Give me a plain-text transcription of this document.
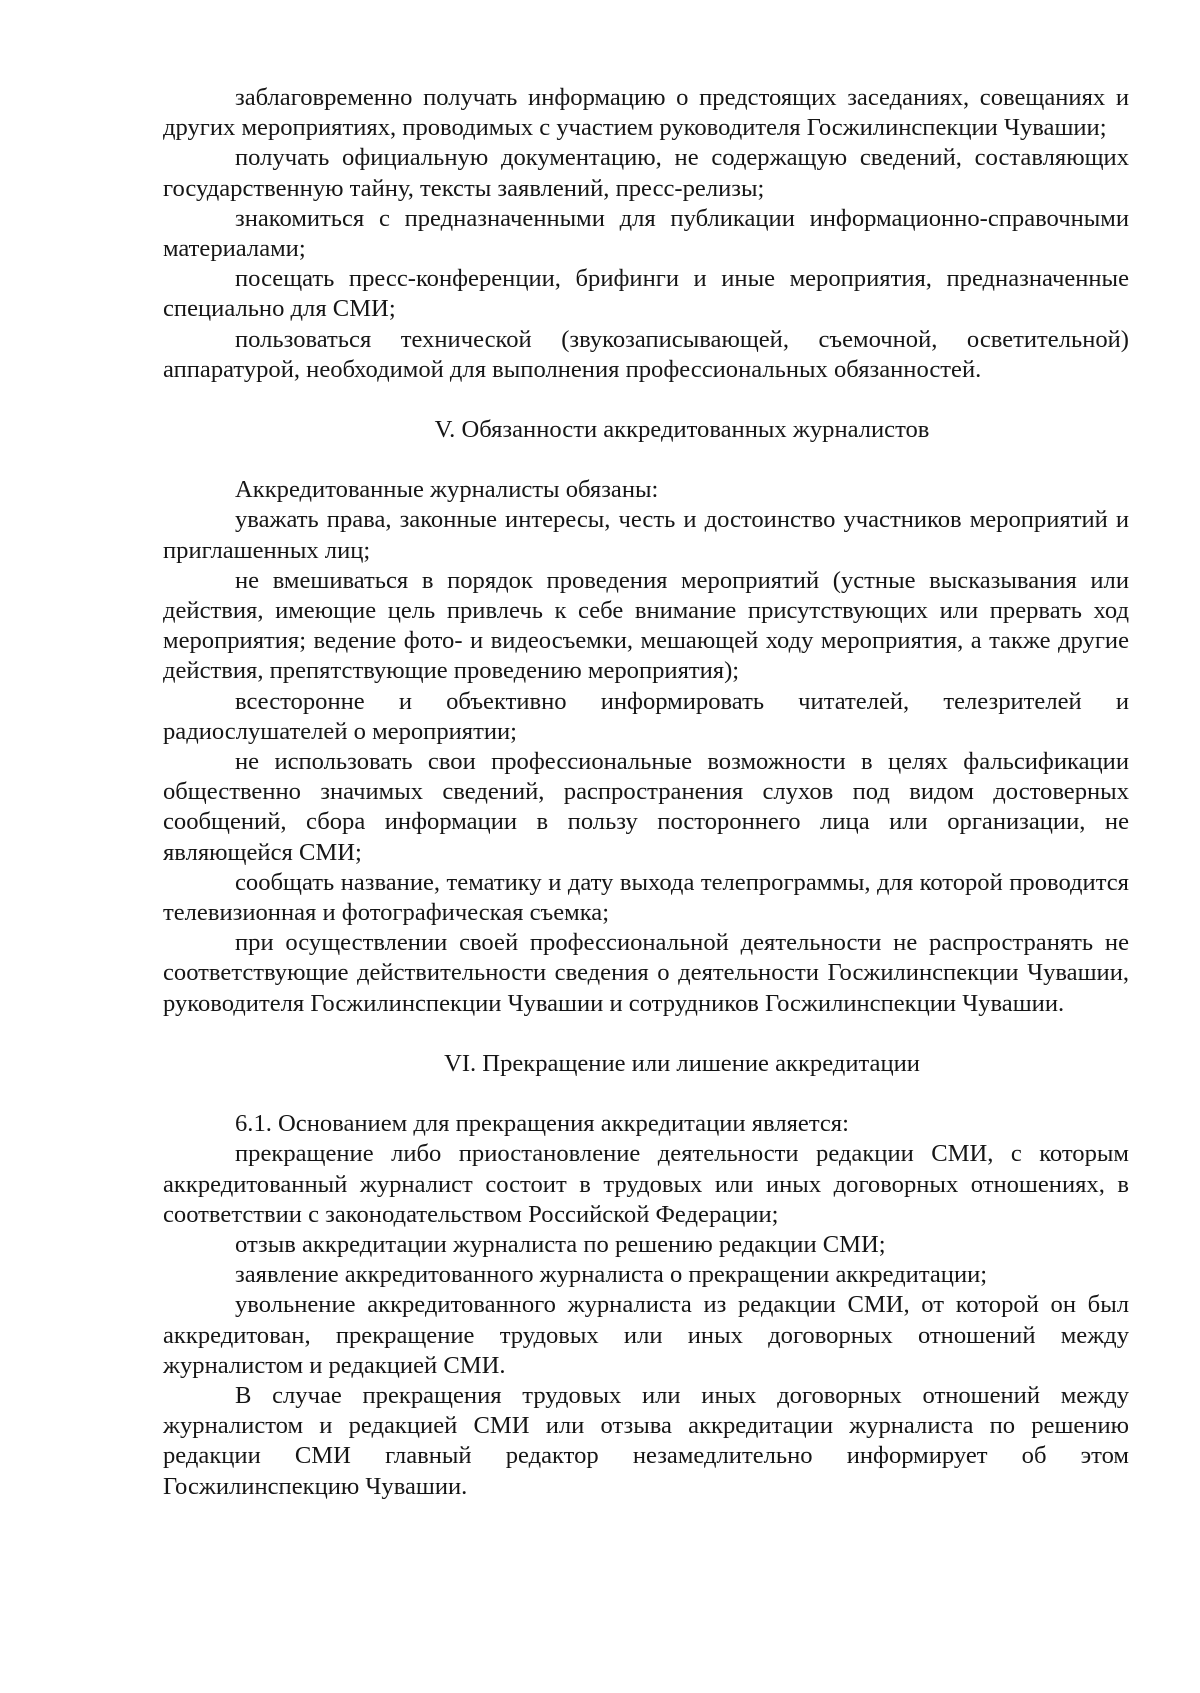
заблаговременно получать информацию о предстоящих заседаниях, совещаниях и других мероприятиях, проводимых с участием руководителя Госжилинспекции Чувашии;

получать официальную документацию, не содержащую сведений, составляющих государственную тайну, тексты заявлений, пресс-релизы;

знакомиться с предназначенными для публикации информационно-справочными материалами;

посещать пресс-конференции, брифинги и иные мероприятия, предназначенные специально для СМИ;

пользоваться технической (звукозаписывающей, съемочной, осветительной) аппаратурой, необходимой для выполнения профессиональных обязанностей.

V. Обязанности аккредитованных журналистов

Аккредитованные журналисты обязаны:

уважать права, законные интересы, честь и достоинство участников мероприятий и приглашенных лиц;

не вмешиваться в порядок проведения мероприятий (устные высказывания или действия, имеющие цель привлечь к себе внимание присутствующих или прервать ход мероприятия; ведение фото- и видеосъемки, мешающей ходу мероприятия, а также другие действия, препятствующие проведению мероприятия);

всесторонне и объективно информировать читателей, телезрителей и радиослушателей о мероприятии;

не использовать свои профессиональные возможности в целях фальсификации общественно значимых сведений, распространения слухов под видом достоверных сообщений, сбора информации в пользу постороннего лица или организации, не являющейся СМИ;

сообщать название, тематику и дату выхода телепрограммы, для которой проводится телевизионная и фотографическая съемка;

при осуществлении своей профессиональной деятельности не распространять не соответствующие действительности сведения о деятельности Госжилинспекции Чувашии, руководителя Госжилинспекции Чувашии и сотрудников Госжилинспекции Чувашии.

VI. Прекращение или лишение аккредитации

6.1. Основанием для прекращения аккредитации является:

прекращение либо приостановление деятельности редакции СМИ, с которым аккредитованный журналист состоит в трудовых или иных договорных отношениях, в соответствии с законодательством Российской Федерации;

отзыв аккредитации журналиста по решению редакции СМИ;

заявление аккредитованного журналиста о прекращении аккредитации;

увольнение аккредитованного журналиста из редакции СМИ, от которой он был аккредитован, прекращение трудовых или иных договорных отношений между журналистом и редакцией СМИ.

В случае прекращения трудовых или иных договорных отношений между журналистом и редакцией СМИ или отзыва аккредитации журналиста по решению редакции СМИ главный редактор незамедлительно информирует об этом Госжилинспекцию Чувашии.
